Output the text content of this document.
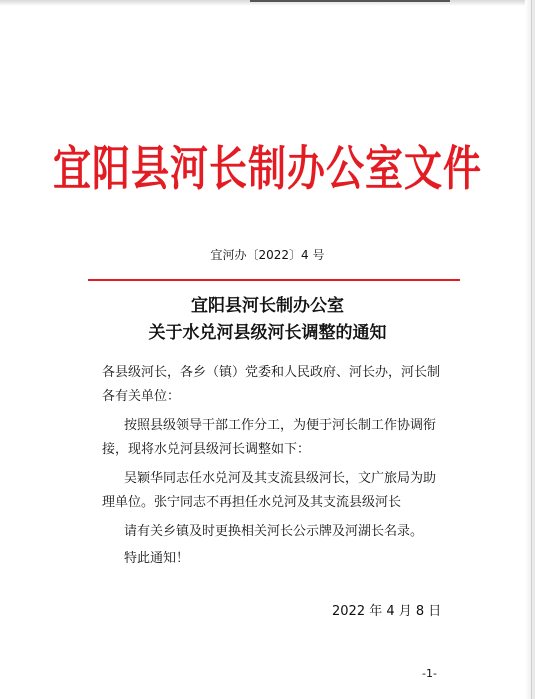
宜阳县河长制办公室文件
宜河办〔2022〕4 号
宜阳县河长制办公室
关于水兑河县级河长调整的通知
各县级河长，各乡（镇）党委和人民政府、河长办，河长制
各有关单位：
按照县级领导干部工作分工，为便于河长制工作协调衔
接，现将水兑河县级河长调整如下：
吴颖华同志任水兑河及其支流县级河长，文广旅局为助
理单位。张宁同志不再担任水兑河及其支流县级河长
请有关乡镇及时更换相关河长公示牌及河湖长名录。
特此通知！
2022 年 4 月 8 日
-1-
